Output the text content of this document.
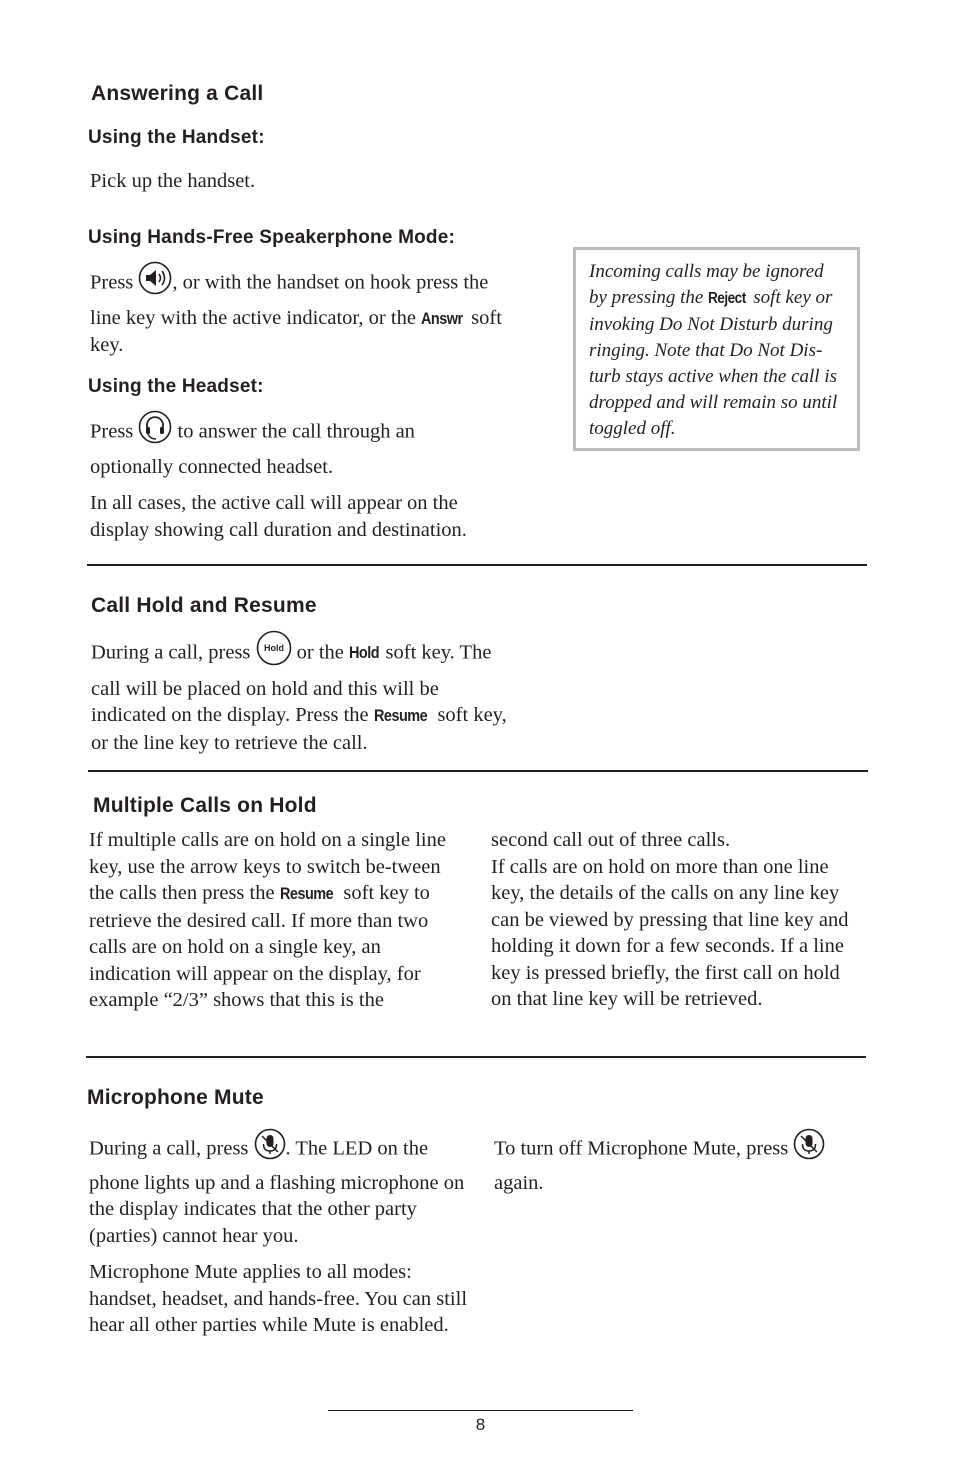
Answering a Call
Using the Handset:

Pick up the handset.

Using Hands-Free Speakerphone Mode:

Press , or with the handset on hook press the line key with the active indicator, or the Answr soft key.

Using the Headset:

Press  to answer the call through an optionally connected headset.

In all cases, the active call will appear on the display showing call duration and destination.

Incoming calls may be ignored by pressing the Reject soft key or invoking Do Not Disturb during ringing. Note that Do Not Dis-turb stays active when the call is dropped and will remain so until toggled off.
Call Hold and Resume

During a call, press Hold or the Hold soft key. The call will be placed on hold and this will be indicated on the display. Press the Resume soft key, or the line key to retrieve the call.

Multiple Calls on Hold

If multiple calls are on hold on a single line key, use the arrow keys to switch be-tween the calls then press the Resume soft key to retrieve the desired call. If more than two calls are on hold on a single key, an indication will appear on the display, for example “2/3” shows that this is the

second call out of three calls.

If calls are on hold on more than one line key, the details of the calls on any line key can be viewed by pressing that line key and holding it down for a few seconds. If a line key is pressed briefly, the first call on hold on that line key will be retrieved.

Microphone Mute

During a call, press . The LED on the phone lights up and a flashing microphone on the display indicates that the other party (parties) cannot hear you.

Microphone Mute applies to all modes: handset, headset, and hands-free. You can still hear all other parties while Mute is enabled.

To turn off Microphone Mute, press  again.

8
